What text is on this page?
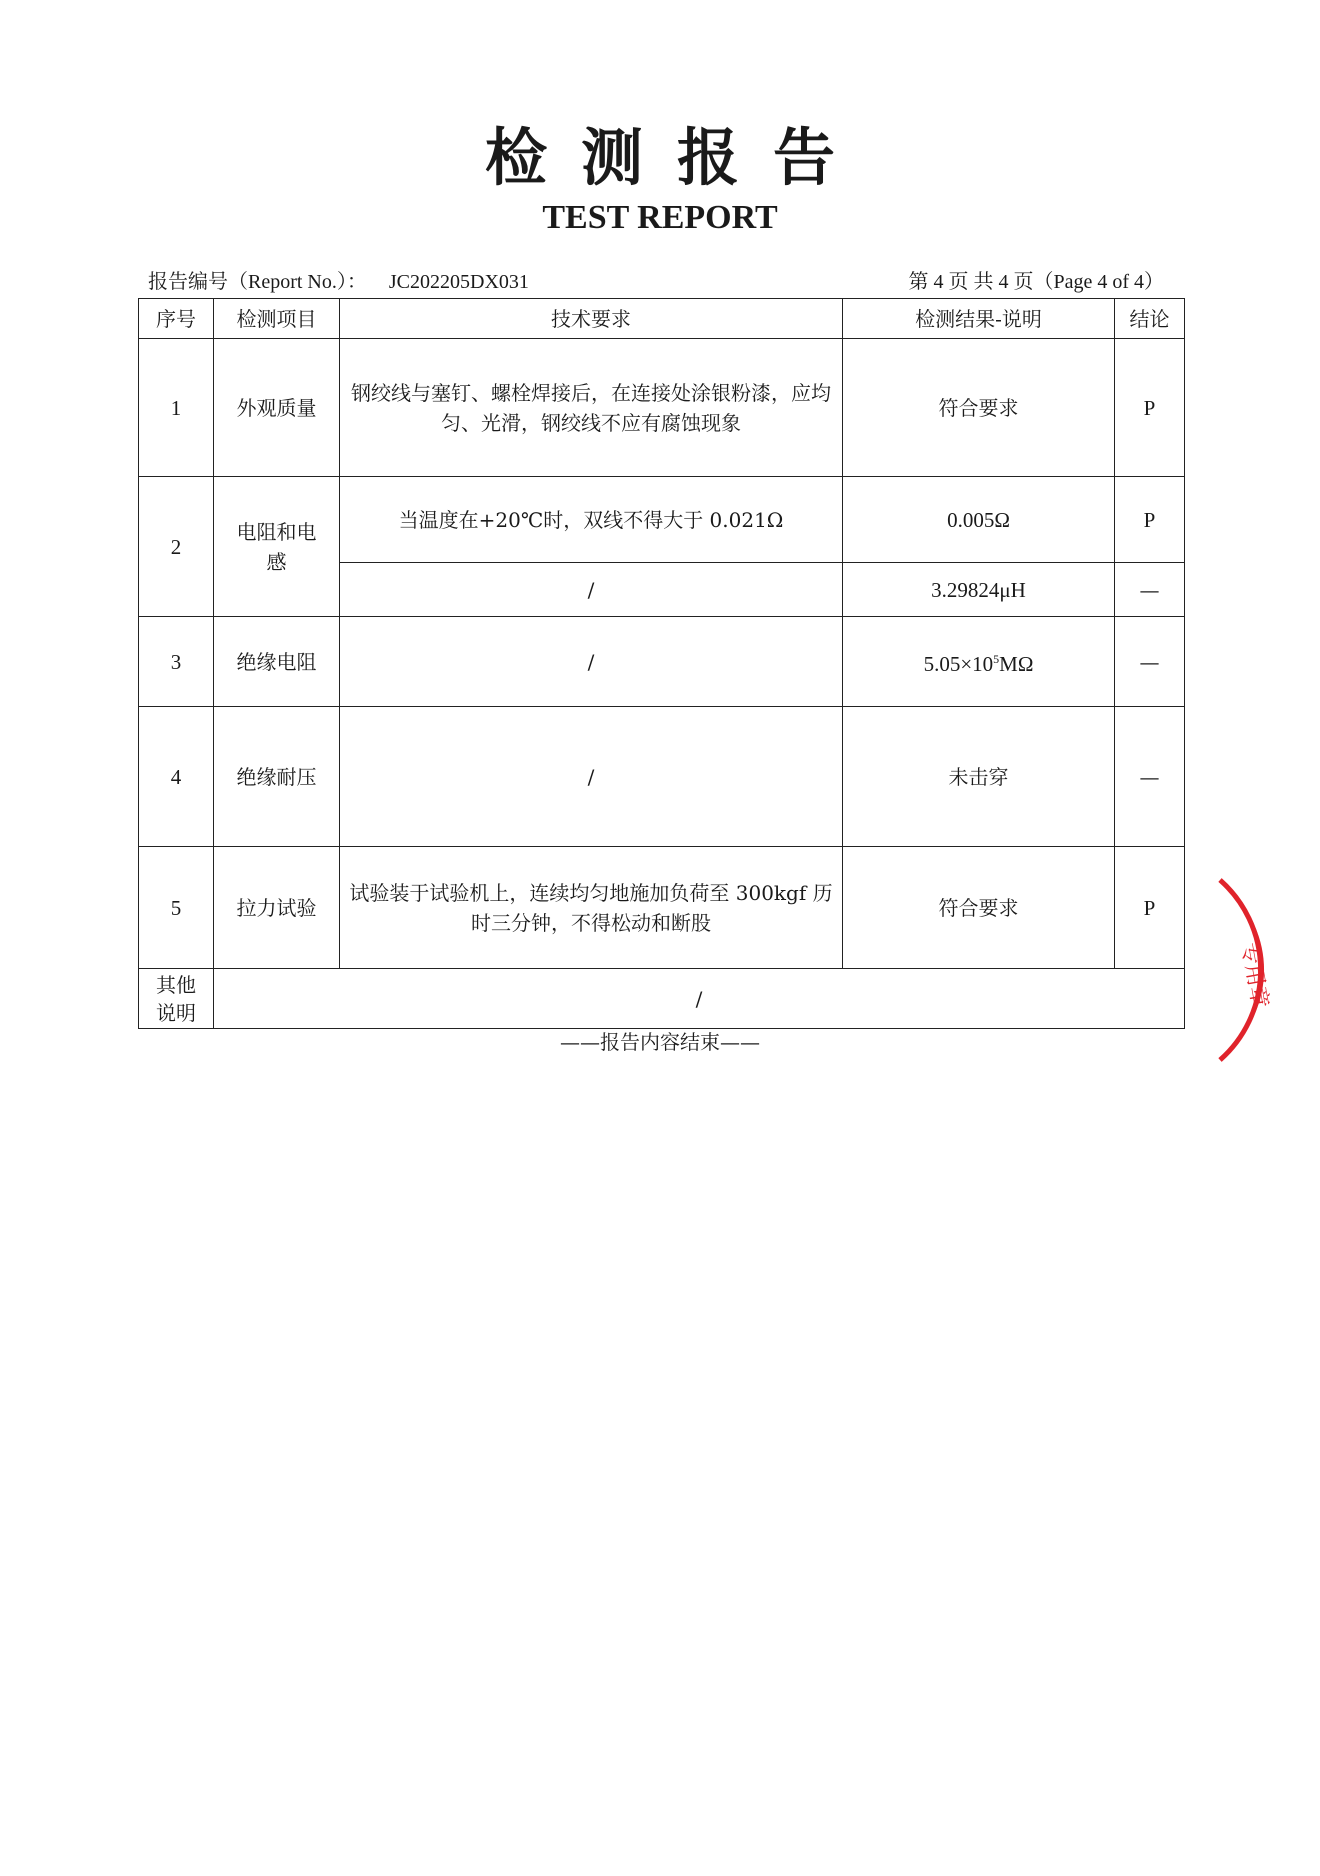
检测报告
TEST REPORT
报告编号（Report No.）： JC202205DX031	第 4 页 共 4 页（Page 4 of 4）
序号	检测项目	技术要求	检测结果-说明	结论
1	外观质量	钢绞线与塞钉、螺栓焊接后，在连接处涂银粉漆，应均匀、光滑，钢绞线不应有腐蚀现象	符合要求	P
2	电阻和电感	当温度在+20℃时，双线不得大于 0.021Ω	0.005Ω	P
		/	3.29824μH	—
3	绝缘电阻	/	$5.05\times 10^5M\Omega$	—
4	绝缘耐压	/	未击穿	—
5	拉力试验	试验装于试验机上，连续均匀地施加负荷至 300kgf 历时三分钟，不得松动和断股	符合要求	P

其他说明	/			
——报告内容结束——
专用章
